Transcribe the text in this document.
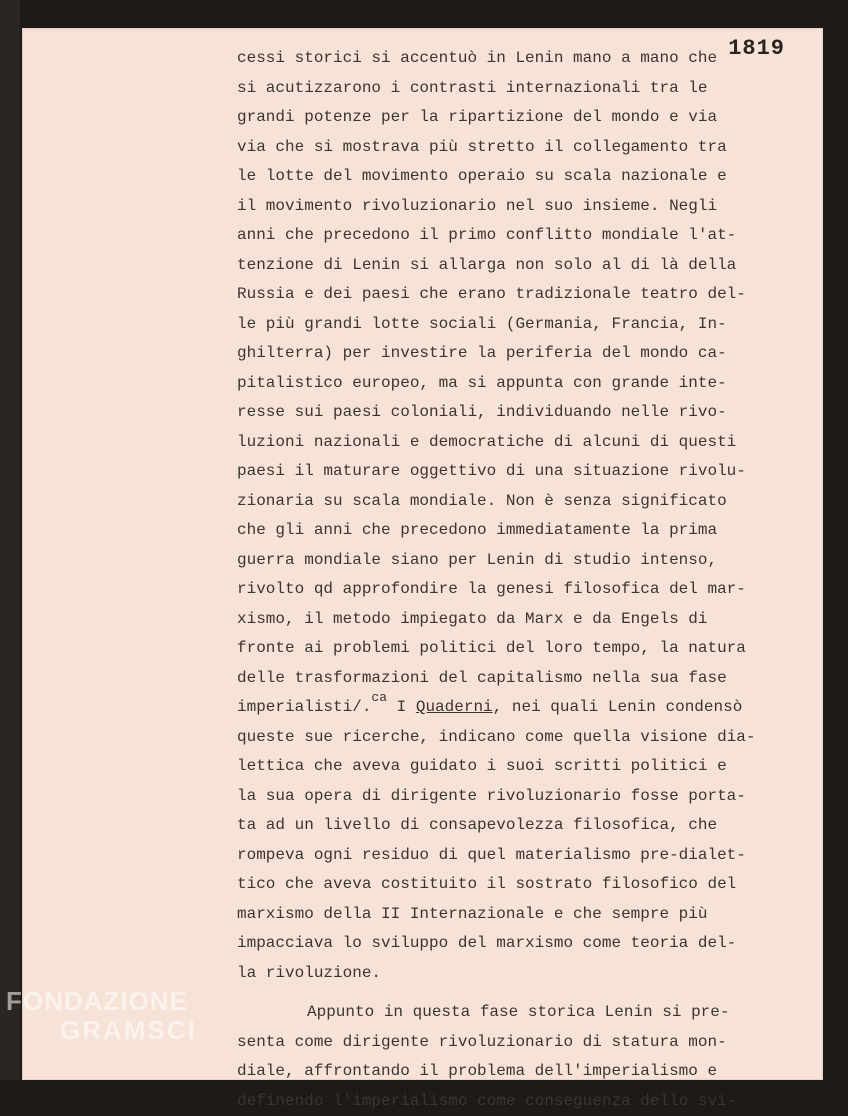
1819
cessi storici si accentuò in Lenin mano a mano che
si acutizzarono i contrasti internazionali tra le
grandi potenze per la ripartizione del mondo e via
via che si mostrava più stretto il collegamento tra
le lotte del movimento operaio su scala nazionale e
il movimento rivoluzionario nel suo insieme. Negli
anni che precedono il primo conflitto mondiale l'at-
tenzione di Lenin si allarga non solo al di là della
Russia e dei paesi che erano tradizionale teatro del-
le più grandi lotte sociali (Germania, Francia, In-
ghilterra) per investire la periferia del mondo ca-
pitalistico europeo, ma si appunta con grande inte-
resse sui paesi coloniali, individuando nelle rivo-
luzioni nazionali e democratiche di alcuni di questi
paesi il maturare oggettivo di una situazione rivolu-
zionaria su scala mondiale. Non è senza significato
che gli anni che precedono immediatamente la prima
guerra mondiale siano per Lenin di studio intenso,
rivolto qd approfondire la genesi filosofica del mar-
xismo, il metodo impiegato da Marx e da Engels di
fronte ai problemi politici del loro tempo, la natura
delle trasformazioni del capitalismo nella sua fase
imperialisti/.$^{ca}$ I Quaderni, nei quali Lenin condensò
queste sue ricerche, indicano come quella visione dia-
lettica che aveva guidato i suoi scritti politici e
la sua opera di dirigente rivoluzionario fosse porta-
ta ad un livello di consapevolezza filosofica, che
rompeva ogni residuo di quel materialismo pre-dialet-
tico che aveva costituito il sostrato filosofico del
marxismo della II Internazionale e che sempre più
impacciava lo sviluppo del marxismo come teoria del-
la rivoluzione.
Appunto in questa fase storica Lenin si pre-
senta come dirigente rivoluzionario di statura mon-
diale, affrontando il problema dell'imperialismo e
definendo l'imperialismo come conseguenza dello svi-
FONDAZIONE
GRAMSCI
